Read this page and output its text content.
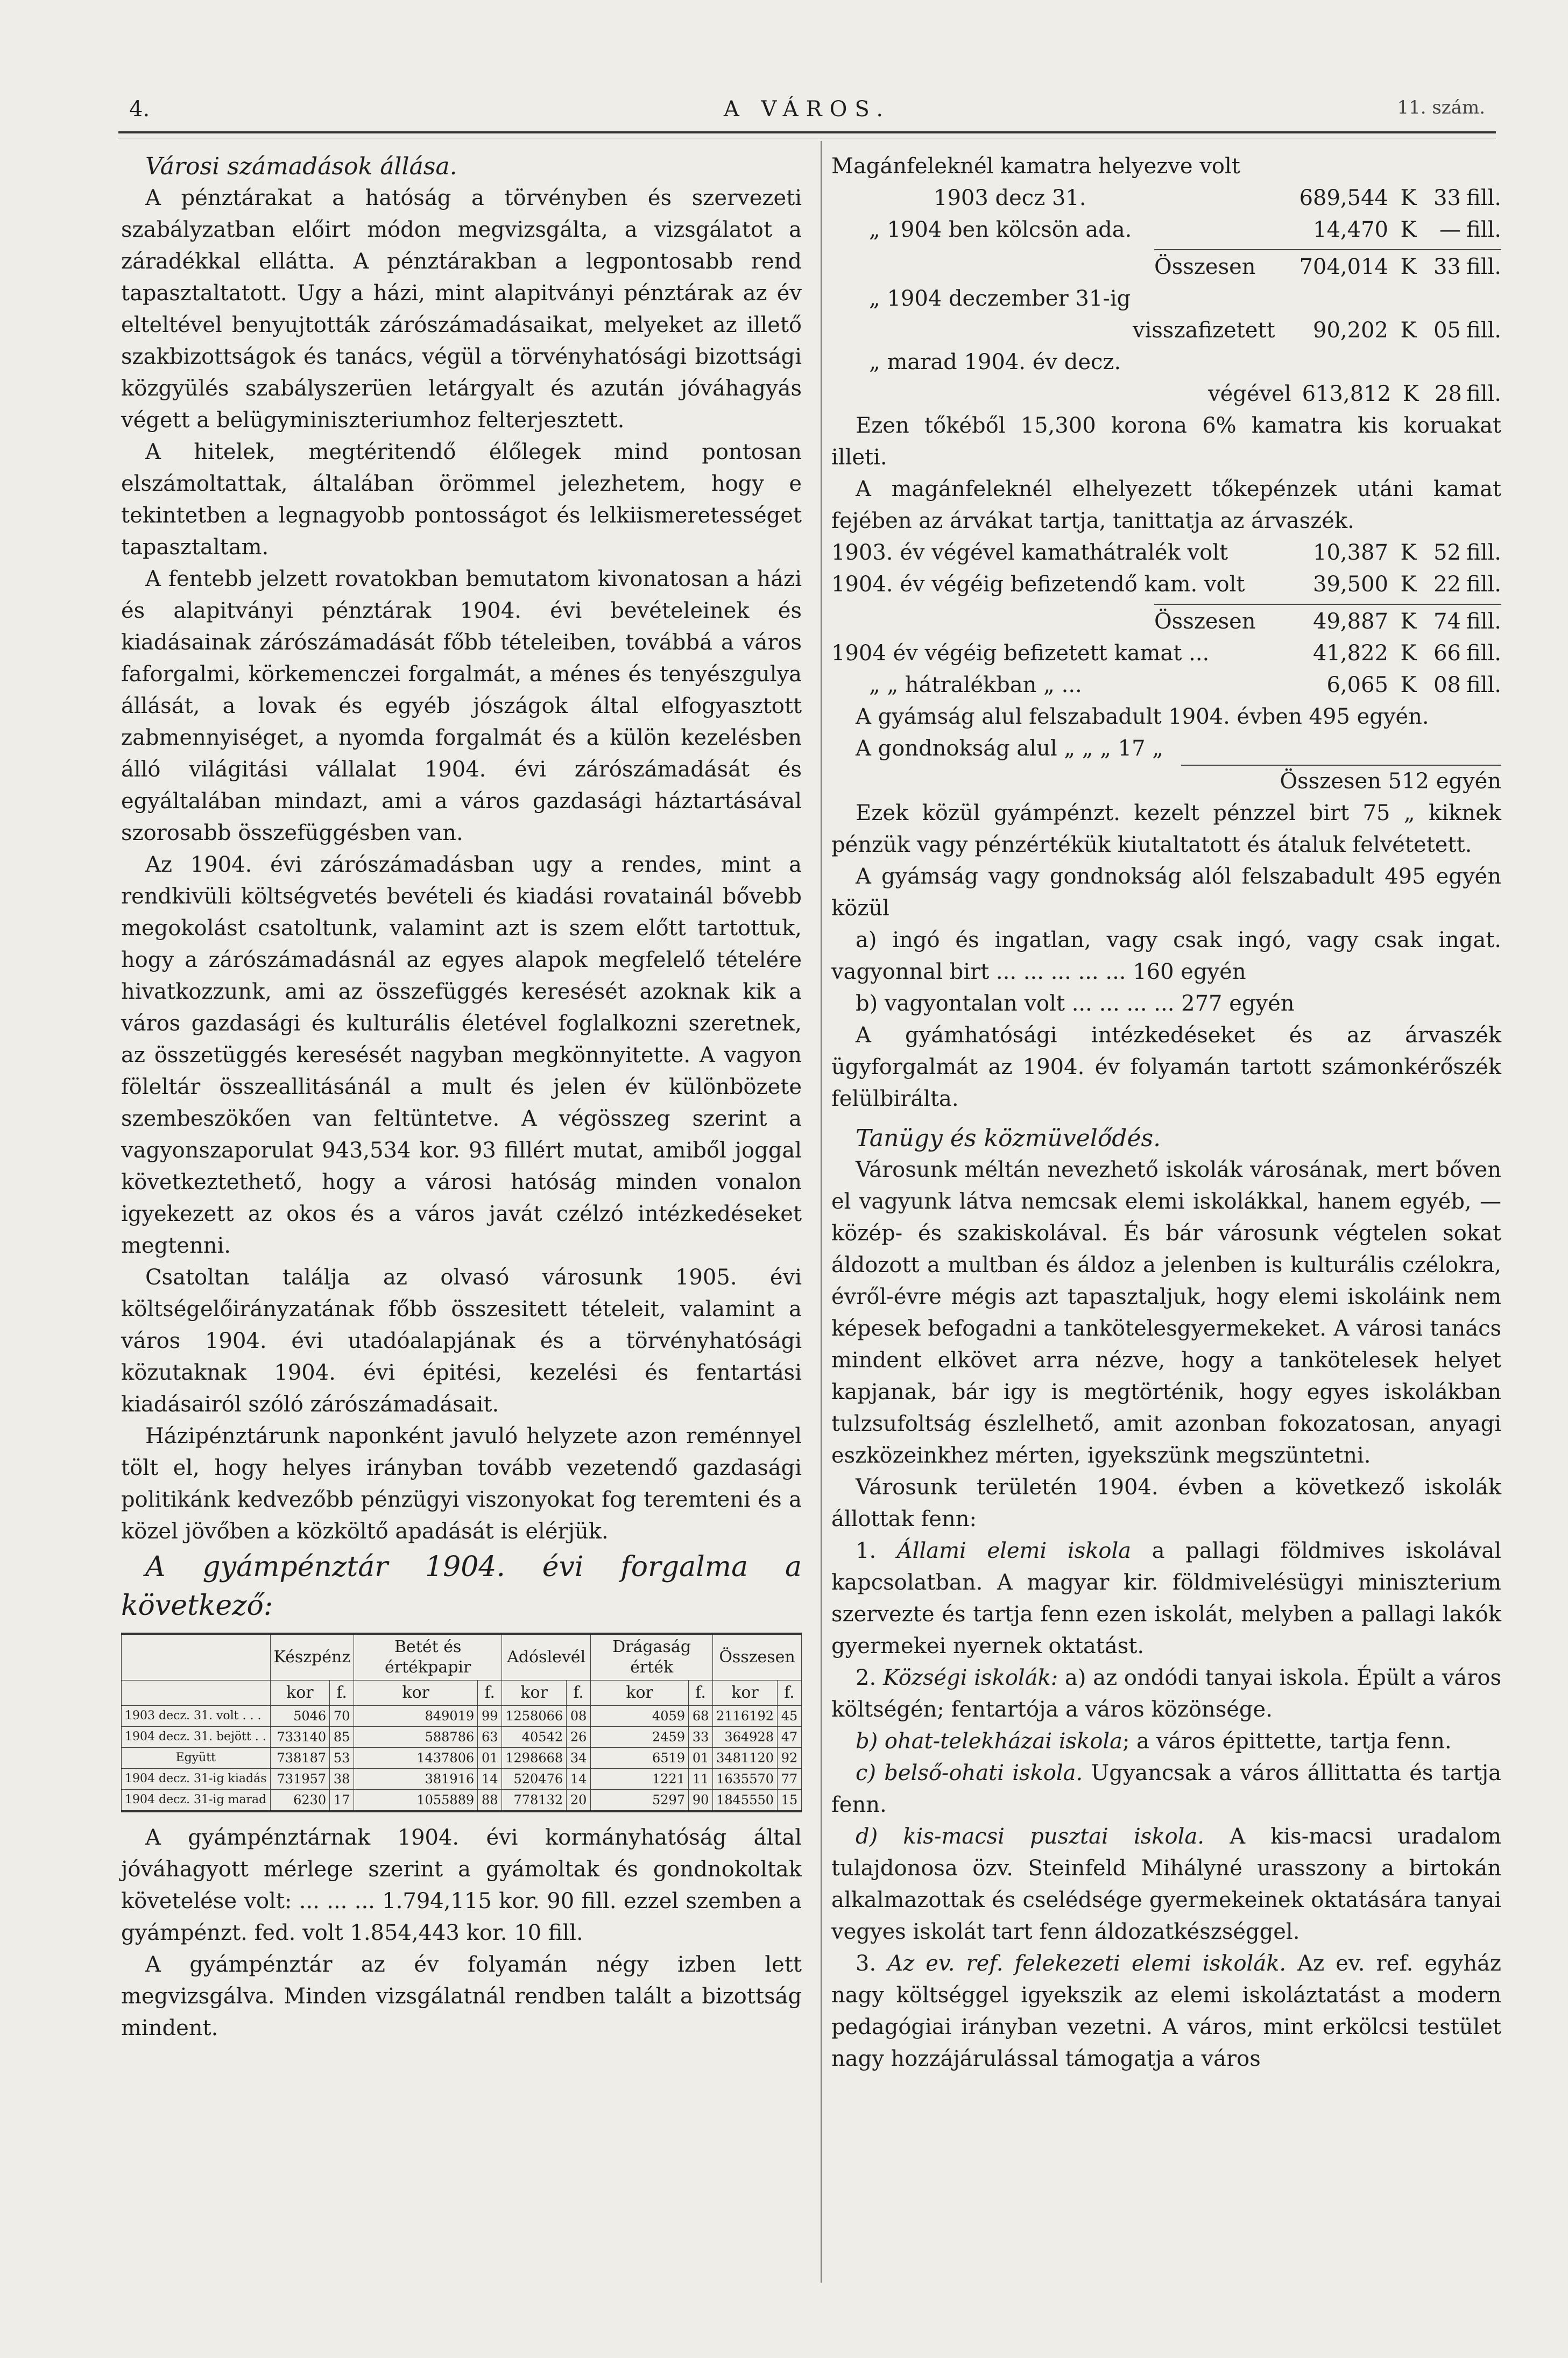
A VÁROS.
4.	11. szám.

Városi számadások állása.

A pénztárakat a hatóság a törvényben és szervezeti szabályzatban előirt módon megvizsgálta, a vizsgálatot a záradékkal ellátta. A pénztárakban a legpontosabb rend tapasztaltatott. Ugy a házi, mint alapitványi pénztárak az év elteltével benyujtották zárószámadásaikat, melyeket az illető szakbizottságok és tanács, végül a törvényhatósági bizottsági közgyülés szabályszerüen letárgyalt és azután jóváhagyás végett a belügyminiszteriumhoz felterjesztett.

A hitelek, megtéritendő élőlegek mind pontosan elszámoltattak, általában örömmel jelezhetem, hogy e tekintetben a legnagyobb pontosságot és lelkiismeretességet tapasztaltam.

A fentebb jelzett rovatokban bemutatom kivonatosan a házi és alapitványi pénztárak 1904. évi bevételeinek és kiadásainak zárószámadását főbb tételeiben, továbbá a város faforgalmi, körkemenczei forgalmát, a ménes és tenyészgulya állását, a lovak és egyéb jószágok által elfogyasztott zabmennyiséget, a nyomda forgalmát és a külön kezelésben álló világitási vállalat 1904. évi zárószámadását és egyáltalában mindazt, ami a város gazdasági háztartásával szorosabb összefüggésben van.

Az 1904. évi zárószámadásban ugy a rendes, mint a rendkivüli költségvetés bevételi és kiadási rovatainál bővebb megokolást csatoltunk, valamint azt is szem előtt tartottuk, hogy a zárószámadásnál az egyes alapok megfelelő tételére hivatkozzunk, ami az összefüggés keresését azoknak kik a város gazdasági és kulturális életével foglalkozni szeretnek, az összetüggés keresését nagyban megkönnyitette. A vagyon föleltár összeallitásánál a mult és jelen év különbözete szembeszökően van feltüntetve. A végösszeg szerint a vagyonszaporulat 943,534 kor. 93 fillért mutat, amiből joggal következtethető, hogy a városi hatóság minden vonalon igyekezett az okos és a város javát czélzó intézkedéseket megtenni.

Csatoltan találja az olvasó városunk 1905. évi költségelőirányzatának főbb összesitett tételeit, valamint a város 1904. évi utadóalapjának és a törvényhatósági közutaknak 1904. évi épitési, kezelési és fentartási kiadásairól szóló zárószámadásait.

Házipénztárunk naponként javuló helyzete azon reménnyel tölt el, hogy helyes irányban tovább vezetendő gazdasági politikánk kedvezőbb pénzügyi viszonyokat fog teremteni és a közel jövőben a közköltő apadását is elérjük.

A gyámpénztár 1904. évi forgalma a következő:

	Készpénz		Betét és értékpapir		Adóslevél		Drágaság érték		Összesen	
	kor	f.	kor	f.	kor	f.	kor	f.	kor	f.
1903 decz. 31. volt . . .	5046	70	849019	99	1258066	08	4059	68	2116192	45
1904 decz. 31. bejött . .	733140	85	588786	63	40542	26	2459	33	364928	47
Együtt	738187	53	1437806	01	1298668	34	6519	01	3481120	92
1904 decz. 31-ig kiadás	731957	38	381916	14	520476	14	1221	11	1635570	77
1904 decz. 31-ig marad	6230	17	1055889	88	778132	20	5297	90	1845550	15

A gyámpénztárnak 1904. évi kormányhatóság által jóváhagyott mérlege szerint a gyámoltak és gondnokoltak követelése volt: ... ... ... 1.794,115 kor. 90 fill. ezzel szemben a gyámpénzt. fed. volt 1.854,443 kor. 10 fill.

A gyámpénztár az év folyamán négy izben lett megvizsgálva. Minden vizsgálatnál rendben talált a bizottság mindent.

Magánfeleknél kamatra helyezve volt

1903 decz 31.	689,544 K 33 fill.
„ 1904 ben kölcsön ada.	14,470 K	— fill.
Összesen	704,014 K 33 fill.

„ 1904 deczember 31-ig

visszafizetett	90,202 K 05 fill.

„ marad 1904. év decz.

végével 613,812 K 28 fill.

Ezen tőkéből 15,300 korona 6% kamatra kis koruakat illeti.

A magánfeleknél elhelyezett tőkepénzek utáni kamat fejében az árvákat tartja, tanittatja az árvaszék.

1903. év végével kamathátralék volt	10,387 K 52 fill.
1904. év végéig befizetendő kam. volt	39,500 K 22 fill.
Összesen	49,887 K 74 fill.
1904 év végéig befizetett kamat ...	41,822 K 66 fill.
„ „ hátralékban „ ...	6,065 K 08 fill.

A gyámság alul felszabadult 1904. évben 495 egyén.

A gondnokság alul „ „ „ 17 „

Összesen 512 egyén

Ezek közül gyámpénzt. kezelt pénzzel birt 75 „ kiknek pénzük vagy pénzértékük kiutaltatott és átaluk felvétetett.

A gyámság vagy gondnokság alól felszabadult 495 egyén közül

a) ingó és ingatlan, vagy csak ingó, vagy csak ingat. vagyonnal birt ... ... ... ... ... 160 egyén

b) vagyontalan volt ... ... ... ... 277 egyén

A gyámhatósági intézkedéseket és az árvaszék ügyforgalmát az 1904. év folyamán tartott számonkérőszék felülbirálta.

Tanügy és közmüvelődés.

Városunk méltán nevezhető iskolák városának, mert bőven el vagyunk látva nemcsak elemi iskolákkal, hanem egyéb, — közép- és szakiskolával. És bár városunk végtelen sokat áldozott a multban és áldoz a jelenben is kulturális czélokra, évről-évre mégis azt tapasztaljuk, hogy elemi iskoláink nem képesek befogadni a tankötelesgyermekeket. A városi tanács mindent elkövet arra nézve, hogy a tankötelesek helyet kapjanak, bár igy is megtörténik, hogy egyes iskolákban tulzsufoltság észlelhető, amit azonban fokozatosan, anyagi eszközeinkhez mérten, igyekszünk megszüntetni.

Városunk területén 1904. évben a következő iskolák állottak fenn:

1. Állami elemi iskola a pallagi földmives iskolával kapcsolatban. A magyar kir. földmivelésügyi miniszterium szervezte és tartja fenn ezen iskolát, melyben a pallagi lakók gyermekei nyernek oktatást.

2. Községi iskolák: a) az ondódi tanyai iskola. Épült a város költségén; fentartója a város közönsége.

b) ohat-telekházai iskola; a város épittette, tartja fenn.

c) belső-ohati iskola. Ugyancsak a város állittatta és tartja fenn.

d) kis-macsi pusztai iskola. A kis-macsi uradalom tulajdonosa özv. Steinfeld Mihályné urasszony a birtokán alkalmazottak és cselédsége gyermekeinek oktatására tanyai vegyes iskolát tart fenn áldozatkészséggel.

3. Az ev. ref. felekezeti elemi iskolák. Az ev. ref. egyház nagy költséggel igyekszik az elemi iskoláztatást a modern pedagógiai irányban vezetni. A város, mint erkölcsi testület nagy hozzájárulással támogatja a város
